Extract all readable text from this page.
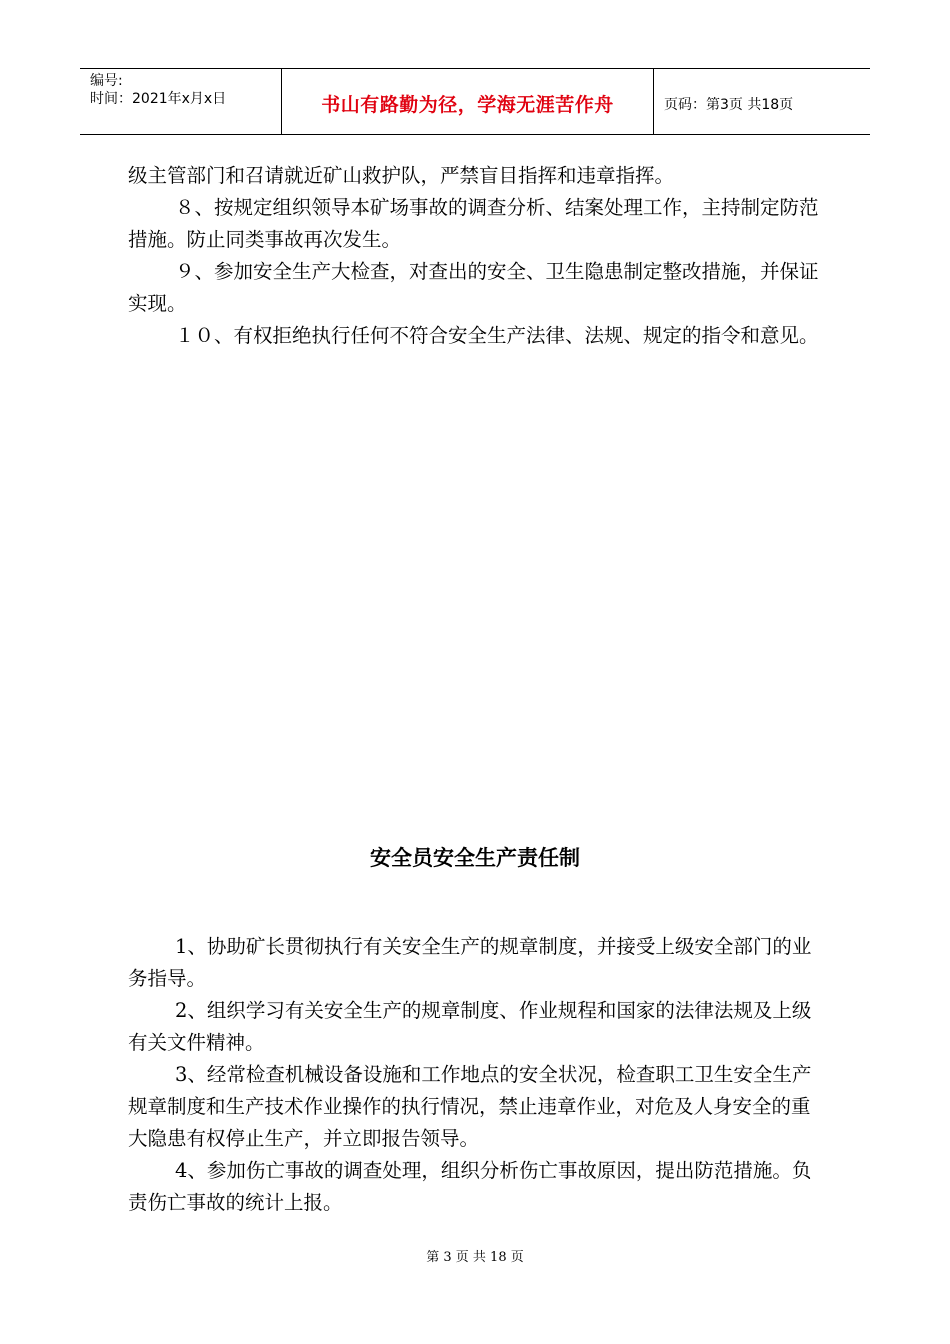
编号:
时间：2021年x月x日	书山有路勤为径，学海无涯苦作舟	页码：第3页 共18页

级主管部门和召请就近矿山救护队，严禁盲目指挥和违章指挥。

８、按规定组织领导本矿场事故的调查分析、结案处理工作，主持制定防范措施。防止同类事故再次发生。

９、参加安全生产大检查，对查出的安全、卫生隐患制定整改措施，并保证实现。

１０、有权拒绝执行任何不符合安全生产法律、法规、规定的指令和意见。

安全员安全生产责任制

1、协助矿长贯彻执行有关安全生产的规章制度，并接受上级安全部门的业务指导。

2、组织学习有关安全生产的规章制度、作业规程和国家的法律法规及上级有关文件精神。

3、经常检查机械设备设施和工作地点的安全状况，检查职工卫生安全生产规章制度和生产技术作业操作的执行情况，禁止违章作业，对危及人身安全的重大隐患有权停止生产，并立即报告领导。

4、参加伤亡事故的调查处理，组织分析伤亡事故原因，提出防范措施。负责伤亡事故的统计上报。

第 3 页 共 18 页
